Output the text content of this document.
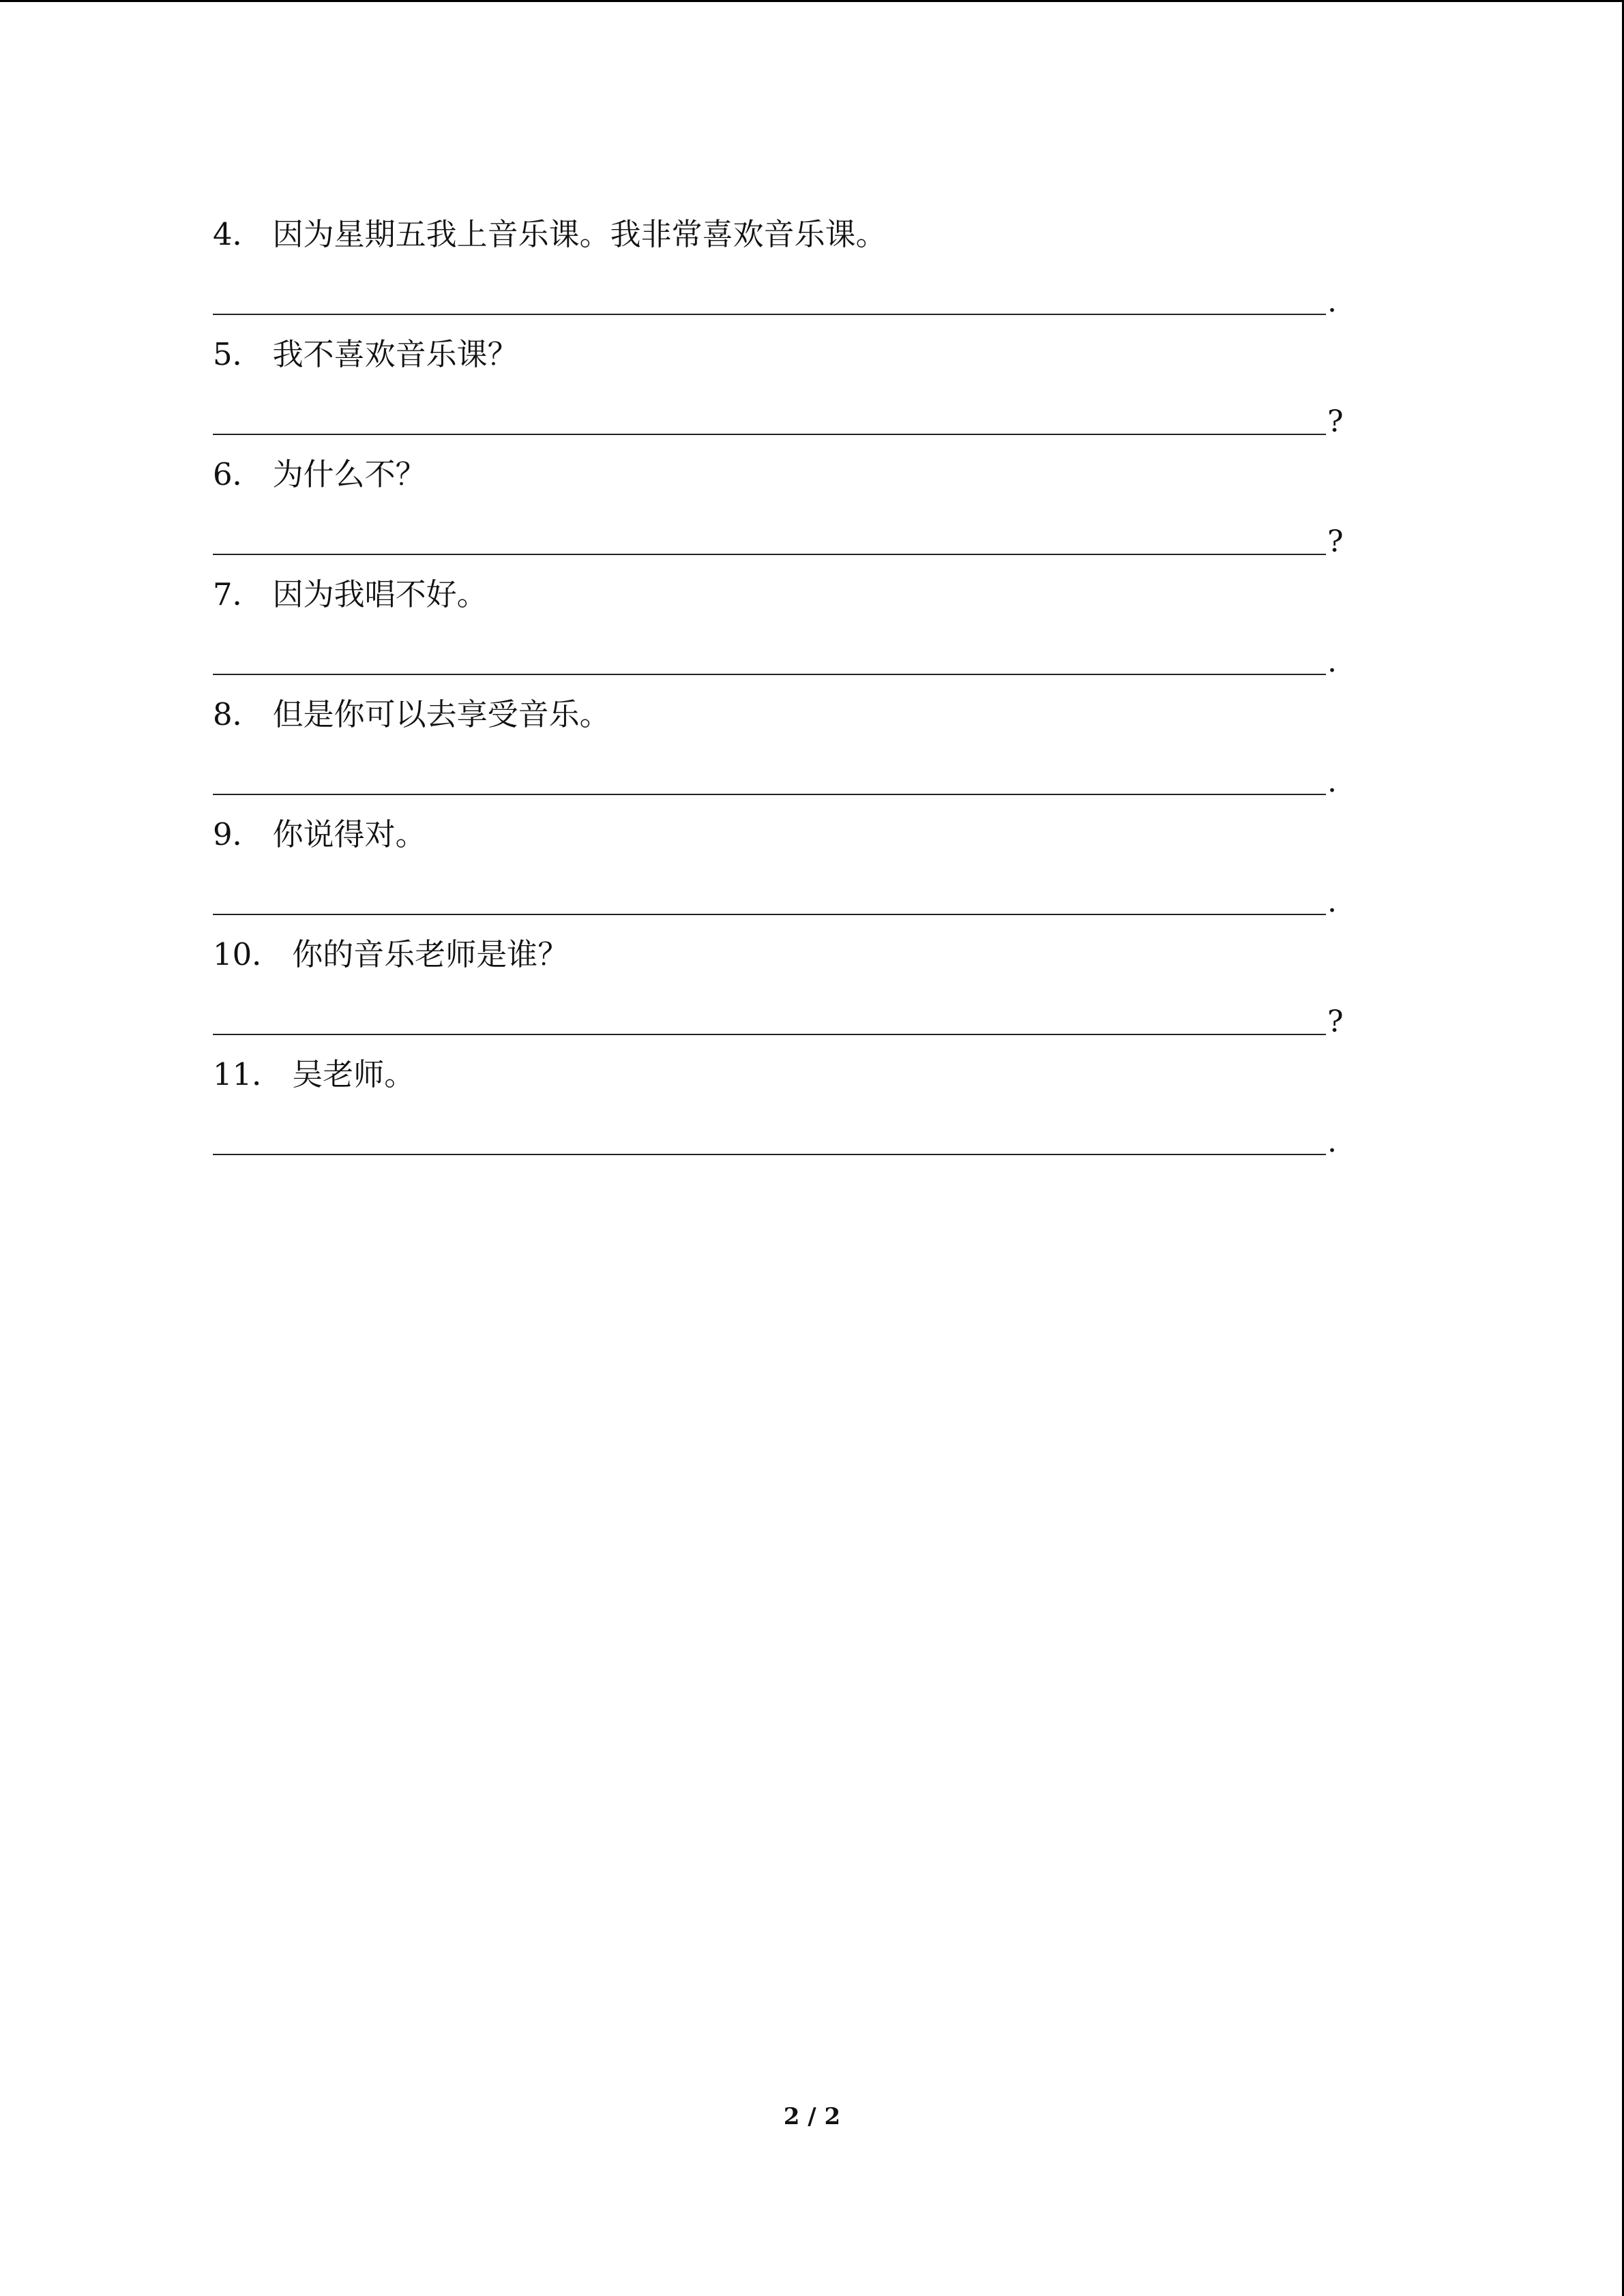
4． 因为星期五我上音乐课。我非常喜欢音乐课。
.
5． 我不喜欢音乐课？
?
6． 为什么不？
?
7． 因为我唱不好。
.
8． 但是你可以去享受音乐。
.
9． 你说得对。
.
10． 你的音乐老师是谁？
?
11． 吴老师。
.
2 / 2
